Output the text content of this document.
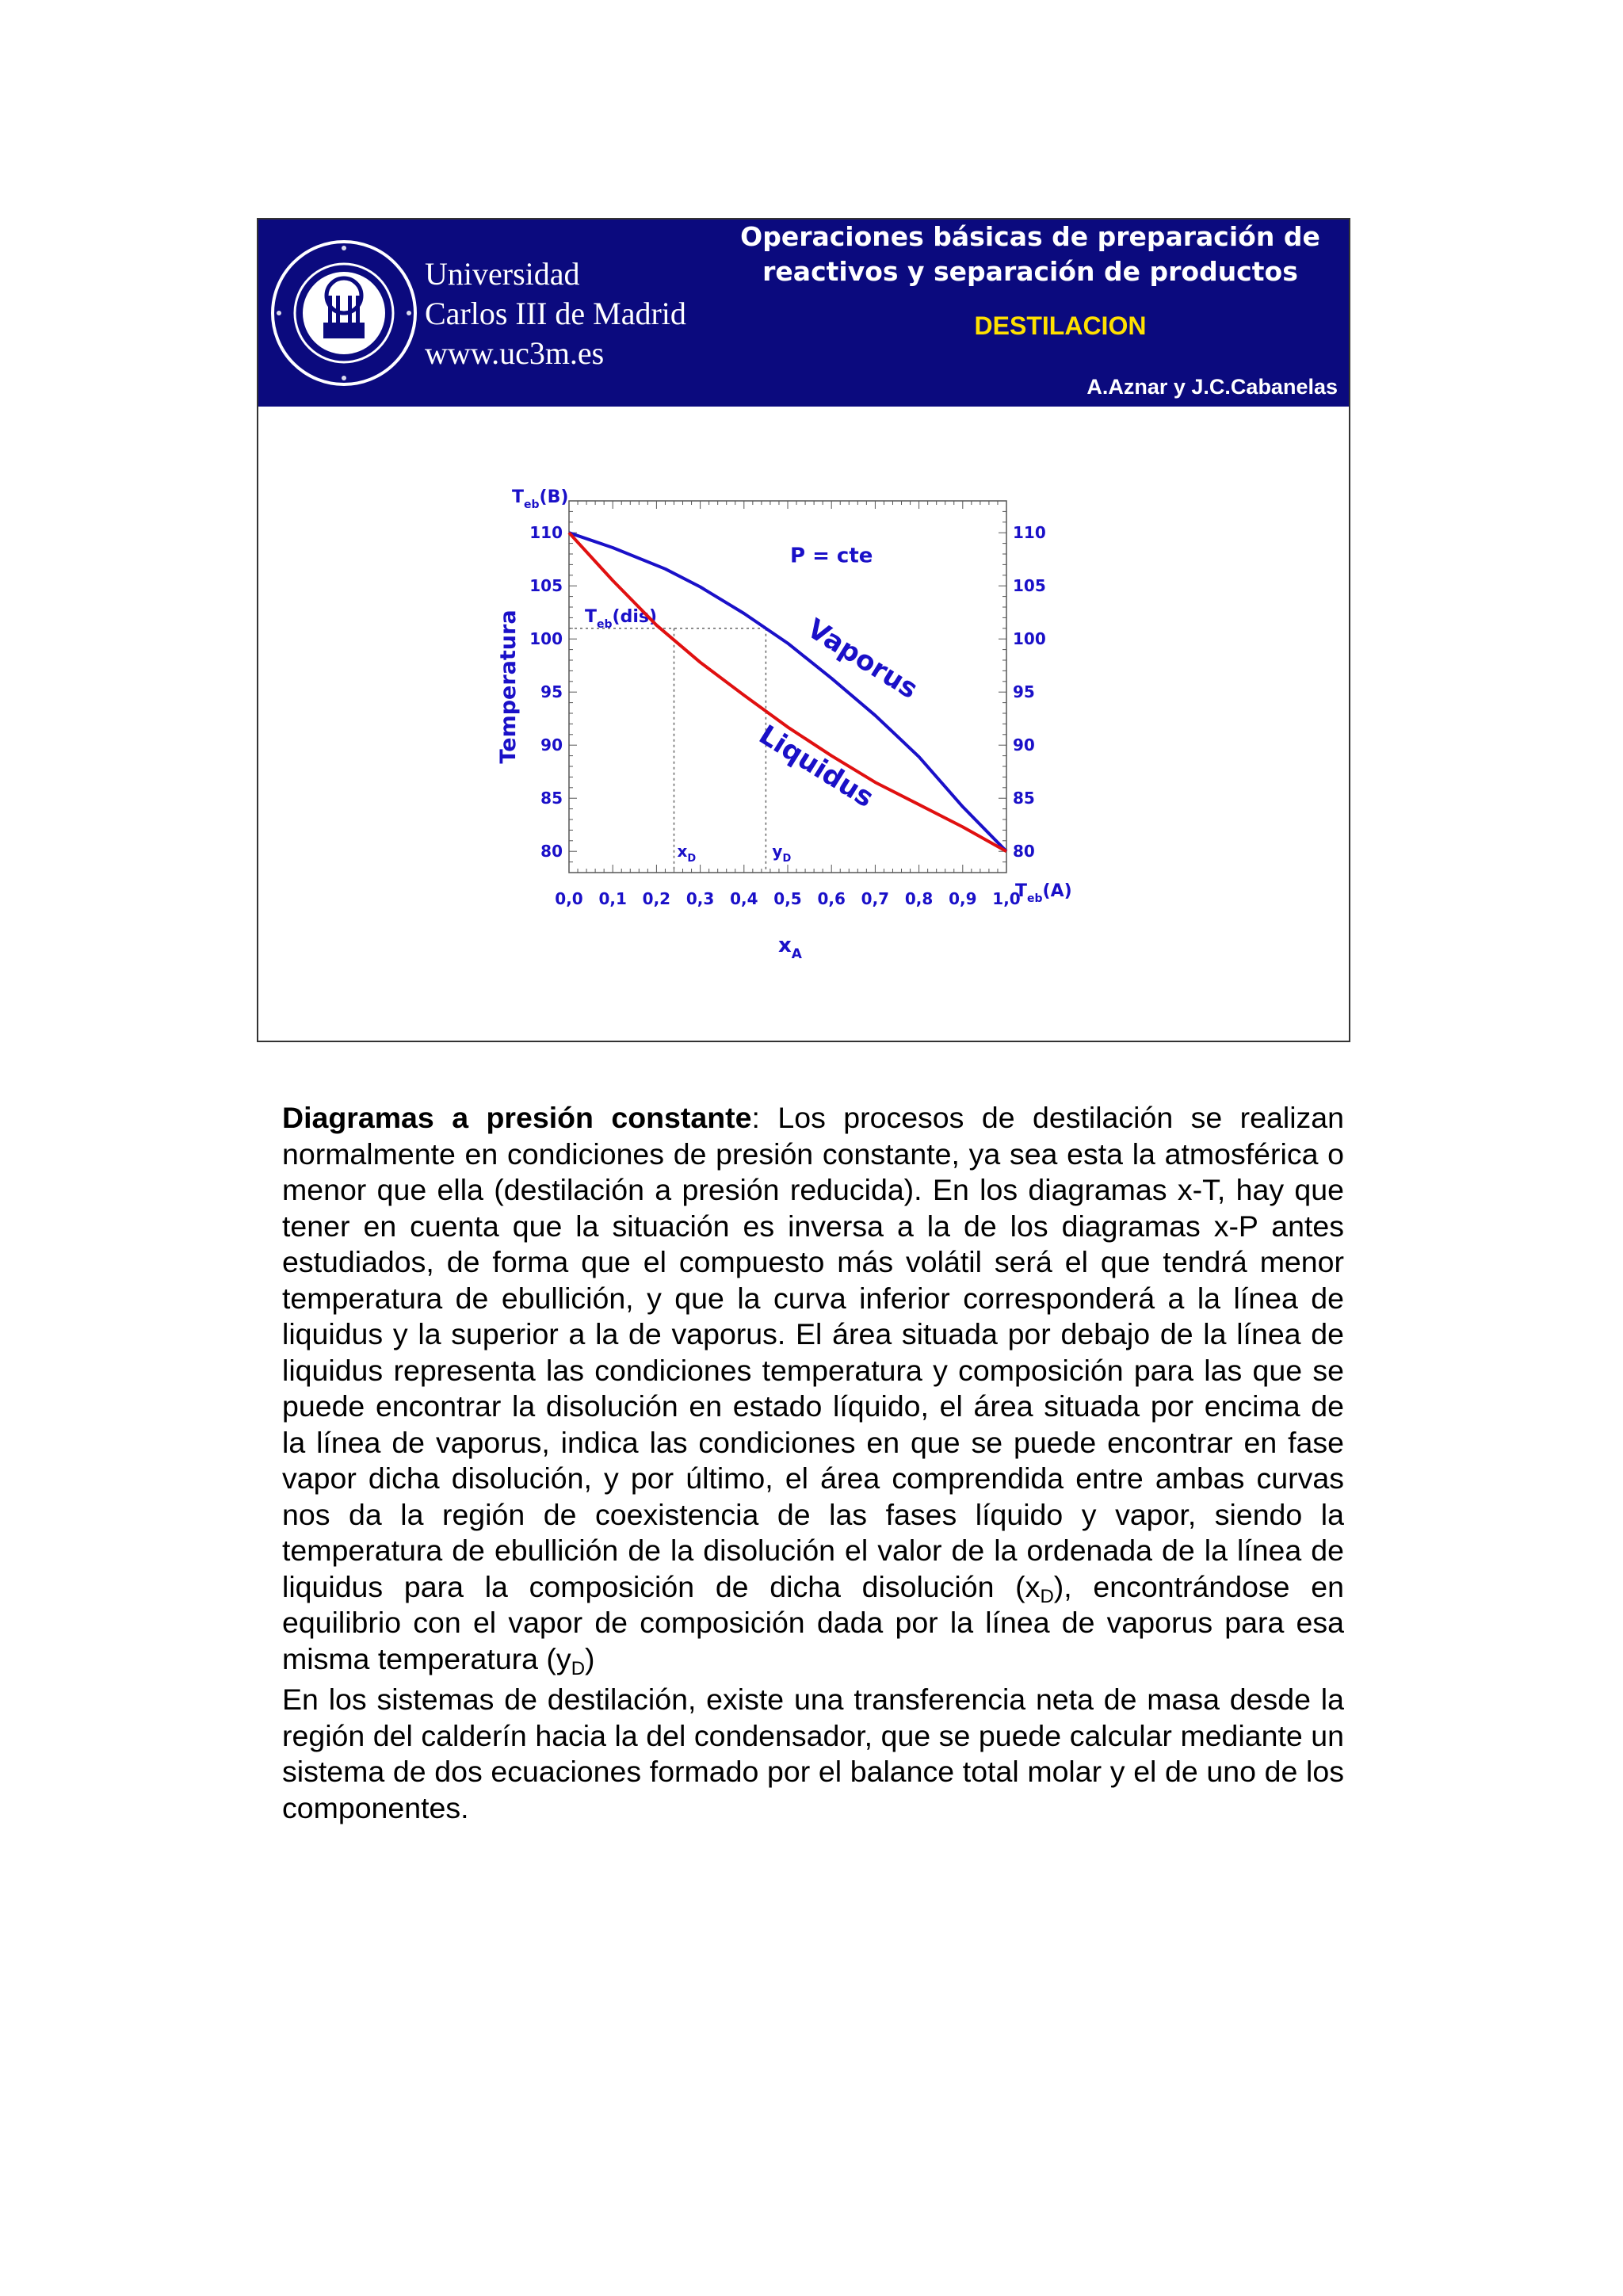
Universidad
Carlos III de Madrid
www.uc3m.es
Operaciones básicas de preparación de
reactivos y separación de productos
DESTILACION
A.Aznar y J.C.Cabanelas
80	80
85	85
90	90
95	95
100	100
105	105
110	110
0,0 0,1 0,2 0,3 0,4 0,5 0,6 0,7 0,8 0,9 1,0
Temperatura
$x_A$
$T_{eb}(B)$
$T_{eb}(A)$
$x_D$	$y_D$
$T_{eb}(dis)$
P = cte
Vaporus
Liquidus

Diagramas a presión constante: Los procesos de destilación se realizan normalmente en condiciones de presión constante, ya sea esta la atmosférica o menor que ella (destilación a presión reducida). En los diagramas x-T, hay que tener en cuenta que la situación es inversa a la de los diagramas x-P antes estudiados, de forma que el compuesto más volátil será el que tendrá menor temperatura de ebullición, y que la curva inferior corresponderá a la línea de liquidus y la superior a la de vaporus. El área situada por debajo de la línea de liquidus representa las condiciones temperatura y composición para las que se puede encontrar la disolución en estado líquido, el área situada por encima de la línea de vaporus, indica las condiciones en que se puede encontrar en fase vapor dicha disolución, y por último, el área comprendida entre ambas curvas nos da la región de coexistencia de las fases líquido y vapor, siendo la temperatura de ebullición de la disolución el valor de la ordenada de la línea de liquidus para la composición de dicha disolución $(x_D)$, encontrándose en equilibrio con el vapor de composición dada por la línea de vaporus para esa misma temperatura $(y_D)$

En los sistemas de destilación, existe una transferencia neta de masa desde la región del calderín hacia la del condensador, que se puede calcular mediante un sistema de dos ecuaciones formado por el balance total molar y el de uno de los componentes.
